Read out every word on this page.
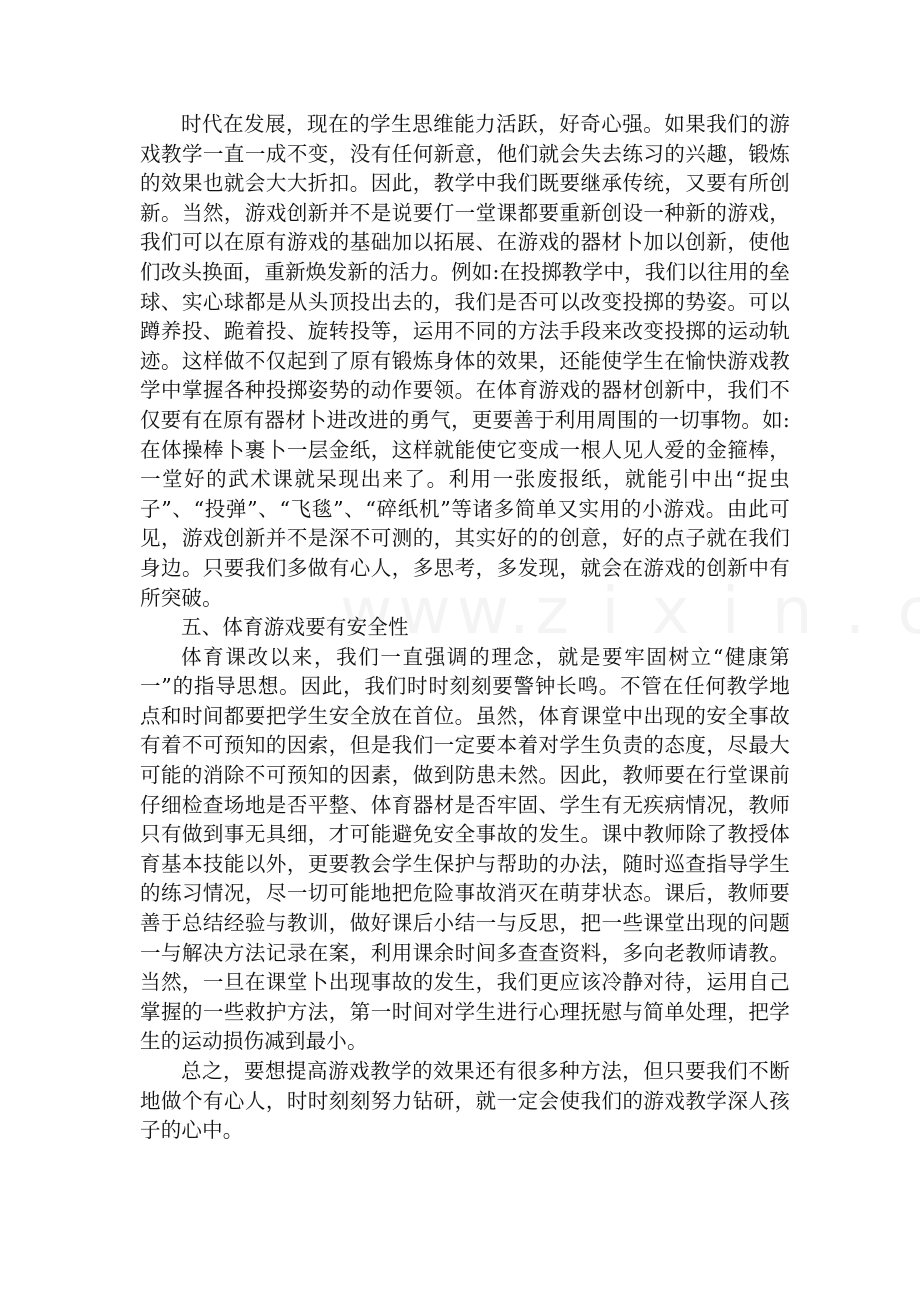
时代在发展，现在的学生思维能力活跃，好奇心强。如果我们的游戏教学一直一成不变，没有任何新意，他们就会失去练习的兴趣，锻炼的效果也就会大大折扣。因此，教学中我们既要继承传统，又要有所创新。当然，游戏创新并不是说要仃一堂课都要重新创设一种新的游戏，我们可以在原有游戏的基础加以拓展、在游戏的器材卜加以创新，使他们改头换面，重新焕发新的活力。例如:在投掷教学中，我们以往用的垒球、实心球都是从头顶投出去的，我们是否可以改变投掷的势姿。可以蹲养投、跪着投、旋转投等，运用不同的方法手段来改变投掷的运动轨迹。这样做不仅起到了原有锻炼身体的效果，还能使学生在愉快游戏教学中掌握各种投掷姿势的动作要领。在体育游戏的器材创新中，我们不仅要有在原有器材卜进改进的勇气，更要善于利用周围的一切事物。如:在体操棒卜裹卜一层金纸，这样就能使它变成一根人见人爱的金箍棒，一堂好的武术课就呆现出来了。利用一张废报纸，就能引中出“捉虫子”、“投弹”、“飞毯”、“碎纸机”等诸多简单又实用的小游戏。由此可见，游戏创新并不是深不可测的，其实好的的创意，好的点子就在我们身边。只要我们多做有心人，多思考，多发现，就会在游戏的创新中有所突破。

五、体育游戏要有安全性

体育课改以来，我们一直强调的理念，就是要牢固树立“健康第一”的指导思想。因此，我们时时刻刻要警钟长鸣。不管在任何教学地点和时间都要把学生安全放在首位。虽然，体育课堂中出现的安全事故有着不可预知的因索，但是我们一定要本着对学生负责的态度，尽最大可能的消除不可预知的因素，做到防患未然。因此，教师要在行堂课前仔细检查场地是否平整、体育器材是否牢固、学生有无疾病情况，教师只有做到事无具细，才可能避免安全事故的发生。课中教师除了教授体育基本技能以外，更要教会学生保护与帮助的办法，随时巡查指导学生的练习情况，尽一切可能地把危险事故消灭在萌芽状态。课后，教师要善于总结经验与教训，做好课后小结一与反思，把一些课堂出现的问题一与解决方法记录在案，利用课余时间多查查资料，多向老教师请教。当然，一旦在课堂卜出现事故的发生，我们更应该冷静对待，运用自己掌握的一些救护方法，第一时间对学生进行心理抚慰与简单处理，把学生的运动损伤减到最小。

总之，要想提高游戏教学的效果还有很多种方法，但只要我们不断地做个有心人，时时刻刻努力钻研，就一定会使我们的游戏教学深人孩子的心中。
